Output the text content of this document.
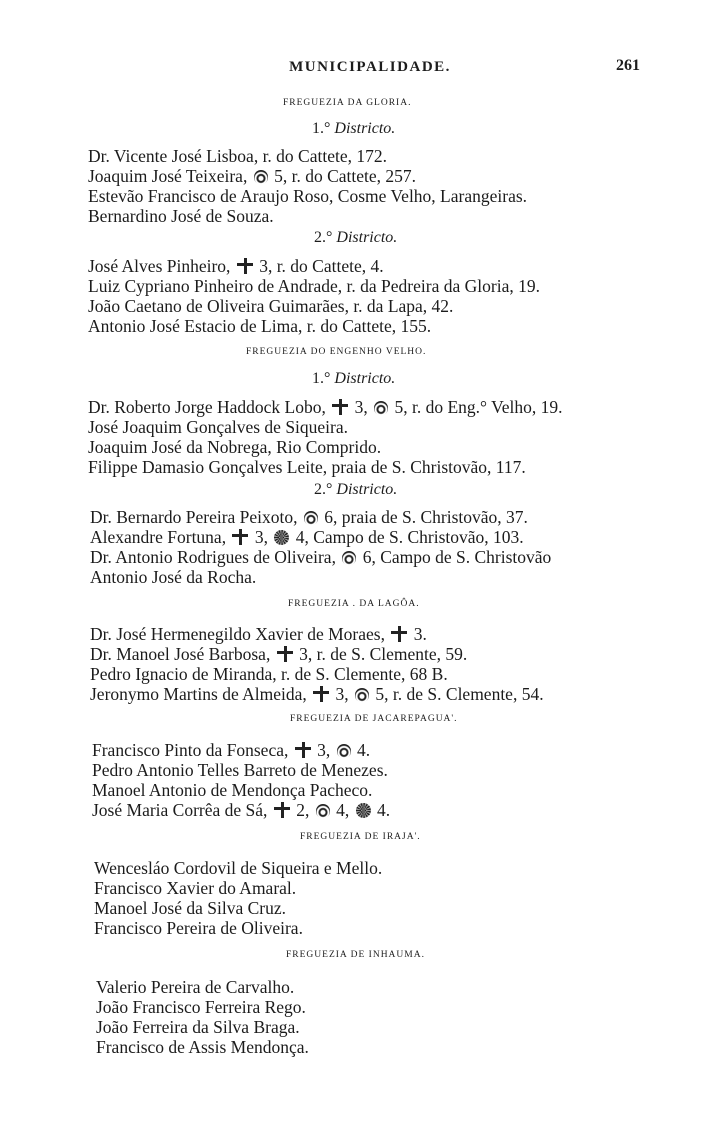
MUNICIPALIDADE.	261
FREGUEZIA DA GLORIA.
1.° Districto.
Dr. Vicente José Lisboa, r. do Cattete, 172.
Joaquim José Teixeira, 5, r. do Cattete, 257.
Estevão Francisco de Araujo Roso, Cosme Velho, Larangeiras.
Bernardino José de Souza.
2.° Districto.
José Alves Pinheiro, 3, r. do Cattete, 4.
Luiz Cypriano Pinheiro de Andrade, r. da Pedreira da Gloria, 19.
João Caetano de Oliveira Guimarães, r. da Lapa, 42.
Antonio José Estacio de Lima, r. do Cattete, 155.
FREGUEZIA DO ENGENHO VELHO.
1.° Districto.
Dr. Roberto Jorge Haddock Lobo, 3, 5, r. do Eng.° Velho, 19.
José Joaquim Gonçalves de Siqueira.
Joaquim José da Nobrega, Rio Comprido.
Filippe Damasio Gonçalves Leite, praia de S. Christovão, 117.
2.° Districto.
Dr. Bernardo Pereira Peixoto, 6, praia de S. Christovão, 37.
Alexandre Fortuna, 3, 4, Campo de S. Christovão, 103.
Dr. Antonio Rodrigues de Oliveira, 6, Campo de S. Christovão
Antonio José da Rocha.
FREGUEZIA . DA LAGÔA.
Dr. José Hermenegildo Xavier de Moraes, 3.
Dr. Manoel José Barbosa, 3, r. de S. Clemente, 59.
Pedro Ignacio de Miranda, r. de S. Clemente, 68 B.
Jeronymo Martins de Almeida, 3, 5, r. de S. Clemente, 54.
FREGUEZIA DE JACAREPAGUA'.
Francisco Pinto da Fonseca, 3, 4.
Pedro Antonio Telles Barreto de Menezes.
Manoel Antonio de Mendonça Pacheco.
José Maria Corrêa de Sá, 2, 4, 4.
FREGUEZIA DE IRAJA'.
Wencesláo Cordovil de Siqueira e Mello.
Francisco Xavier do Amaral.
Manoel José da Silva Cruz.
Francisco Pereira de Oliveira.
FREGUEZIA DE INHAUMA.
Valerio Pereira de Carvalho.
João Francisco Ferreira Rego.
João Ferreira da Silva Braga.
Francisco de Assis Mendonça.
